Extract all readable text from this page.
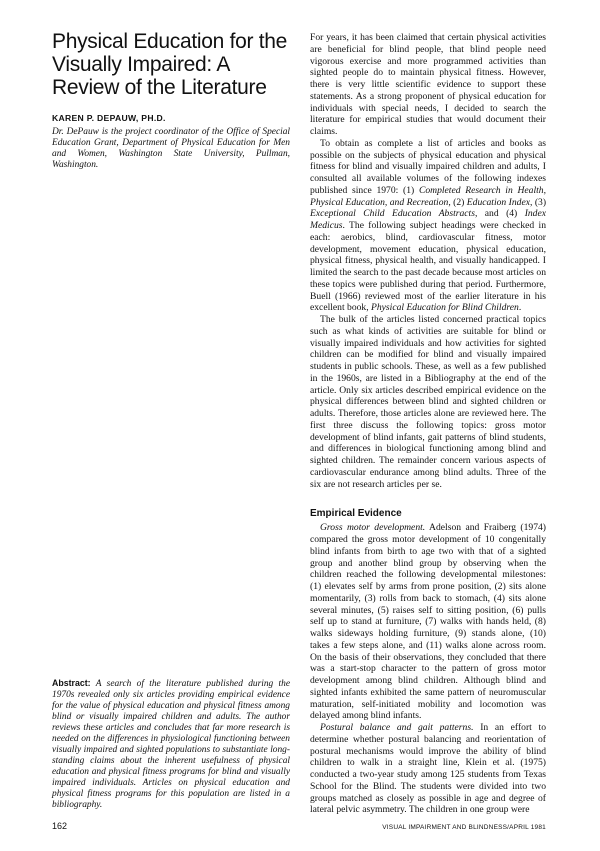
Physical Education for the Visually Impaired: A Review of the Literature
KAREN P. DEPAUW, PH.D.
Dr. DePauw is the project coordinator of the Office of Special Education Grant, Department of Physical Education for Men and Women, Washington State University, Pullman, Washington.
Abstract: A search of the literature published during the 1970s revealed only six articles providing empirical evidence for the value of physical education and physical fitness among blind or visually impaired children and adults. The author reviews these articles and concludes that far more research is needed on the differences in physiological functioning between visually impaired and sighted populations to substantiate long-standing claims about the inherent usefulness of physical education and physical fitness programs for blind and visually impaired individuals. Articles on physical education and physical fitness programs for this population are listed in a bibliography.
162

For years, it has been claimed that certain physical activities are beneficial for blind people, that blind people need vigorous exercise and more programmed activities than sighted people do to maintain physical fitness. However, there is very little scientific evidence to support these statements. As a strong proponent of physical education for individuals with special needs, I decided to search the literature for empirical studies that would document their claims.

To obtain as complete a list of articles and books as possible on the subjects of physical education and physical fitness for blind and visually impaired children and adults, I consulted all available volumes of the following indexes published since 1970: (1) Completed Research in Health, Physical Education, and Recreation, (2) Education Index, (3) Exceptional Child Education Abstracts, and (4) Index Medicus. The following subject headings were checked in each: aerobics, blind, cardiovascular fitness, motor development, movement education, physical education, physical fitness, physical health, and visually handicapped. I limited the search to the past decade because most articles on these topics were published during that period. Furthermore, Buell (1966) reviewed most of the earlier literature in his excellent book, Physical Education for Blind Children.

The bulk of the articles listed concerned practical topics such as what kinds of activities are suitable for blind or visually impaired individuals and how activities for sighted children can be modified for blind and visually impaired students in public schools. These, as well as a few published in the 1960s, are listed in a Bibliography at the end of the article. Only six articles described empirical evidence on the physical differences between blind and sighted children or adults. Therefore, those articles alone are reviewed here. The first three discuss the following topics: gross motor development of blind infants, gait patterns of blind students, and differences in biological functioning among blind and sighted children. The remainder concern various aspects of cardiovascular endurance among blind adults. Three of the six are not research articles per se.

Empirical Evidence

Gross motor development. Adelson and Fraiberg (1974) compared the gross motor development of 10 congenitally blind infants from birth to age two with that of a sighted group and another blind group by observing when the children reached the following developmental milestones: (1) elevates self by arms from prone position, (2) sits alone momentarily, (3) rolls from back to stomach, (4) sits alone several minutes, (5) raises self to sitting position, (6) pulls self up to stand at furniture, (7) walks with hands held, (8) walks sideways holding furniture, (9) stands alone, (10) takes a few steps alone, and (11) walks alone across room. On the basis of their observations, they concluded that there was a start-stop character to the pattern of gross motor development among blind children. Although blind and sighted infants exhibited the same pattern of neuromuscular maturation, self-initiated mobility and locomotion was delayed among blind infants.

Postural balance and gait patterns. In an effort to determine whether postural balancing and reorientation of postural mechanisms would improve the ability of blind children to walk in a straight line, Klein et al. (1975) conducted a two-year study among 125 students from Texas School for the Blind. The students were divided into two groups matched as closely as possible in age and degree of lateral pelvic asymmetry. The children in one group were

VISUAL IMPAIRMENT AND BLINDNESS/APRIL 1981
